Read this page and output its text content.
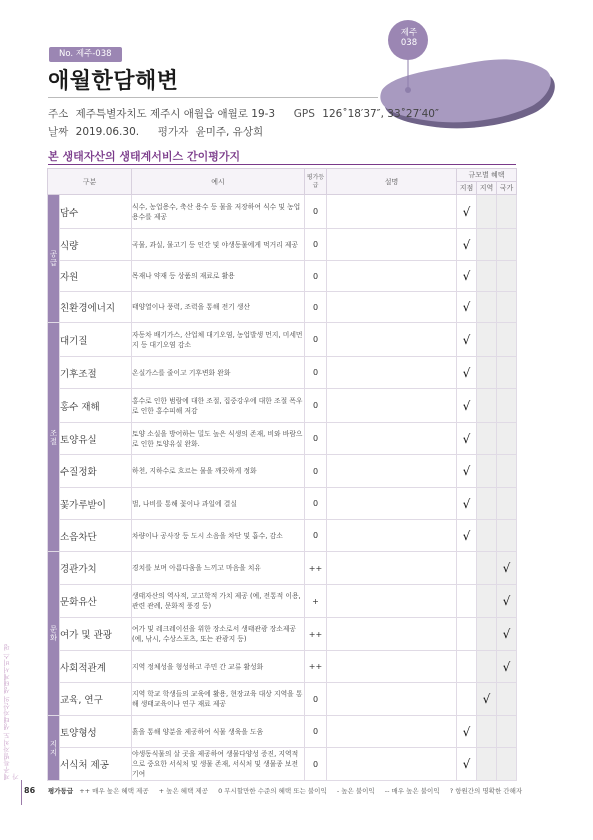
제주특별자치도 생태자산의 생태계서비스 평가
No. 제주-038
애월한담해변
제주
038
주소 제주특별자치도 제주시 애월읍 애월로 19-3 GPS 126˚18′37″, 33˚27′40″
날짜 2019.06.30. 평가자 윤미주, 유상희
본 생태자산의 생태계서비스 간이평가지
구분		예시	평가등급	설명	규모별 혜택		
					지점	지역	국가
공급	담수	식수, 농업용수, 축산 용수 등 물을 저장하여 식수 및 농업용수를 제공	0		√		
	식량	곡물, 과실, 물고기 등 인간 및 야생동물에게 먹거리 제공	0		√		
	자원	목재나 약재 등 상품의 재료로 활용	0		√		
	친환경에너지	태양열이나 풍력, 조력을 통해 전기 생산	0		√		
조절	대기질	자동차 배기가스, 산업체 대기오염, 농업발생 먼지, 미세먼지 등 대기오염 감소	0		√		
	기후조절	온실가스를 줄이고 기후변화 완화	0		√		
	홍수 재해	홍수로 인한 범람에 대한 조절, 집중강우에 대한 조절 폭우로 인한 홍수피해 저감	0		√		
	토양유실	토양 소실을 방어하는 밀도 높은 식생의 존재, 비와 바람으로 인한 토양유실 완화.	0		√		
	수질정화	하천, 지하수로 흐르는 물을 깨끗하게 정화	0		√		
	꽃가루받이	벌, 나비를 통해 꽃이나 과일에 결실	0		√		
	소음차단	차량이나 공사장 등 도시 소음을 차단 및 흡수, 감소	0		√		
문화	경관가치	경치를 보며 아름다움을 느끼고 마음을 치유	++				√
	문화유산	생태자산의 역사적, 고고학적 가치 제공 (예, 전통적 이용, 관련 관례, 문화적 풍경 등)	+				√
	여가 및 관광	여가 및 레크레이션을 위한 장소로서 생태관광 장소제공 (예, 낚시, 수상스포츠, 또는 관광지 등)	++				√
	사회적관계	지역 정체성을 형성하고 주민 간 교류 활성화	++				√
	교육, 연구	지역 학교 학생들의 교육에 활용, 현장교육 대상 지역을 통해 생태교육이나 연구 재료 제공	0			√	
지지	토양형성	흙을 통해 양분을 제공하여 식물 생육을 도움	0		√		
	서식처 제공	야생동식물의 살 곳을 제공하여 생물다양성 증진, 지역적으로 중요한 서식처 및 생물 존재, 서식처 및 생물종 보전 기여	0		√		
86 평가등급 ++ 매우 높은 혜택 제공 + 높은 혜택 제공 0 무시할만한 수준의 혜택 또는 불이익 - 높은 불이익 -- 매우 높은 불이익 ? 항원간의 명확한 간해자
